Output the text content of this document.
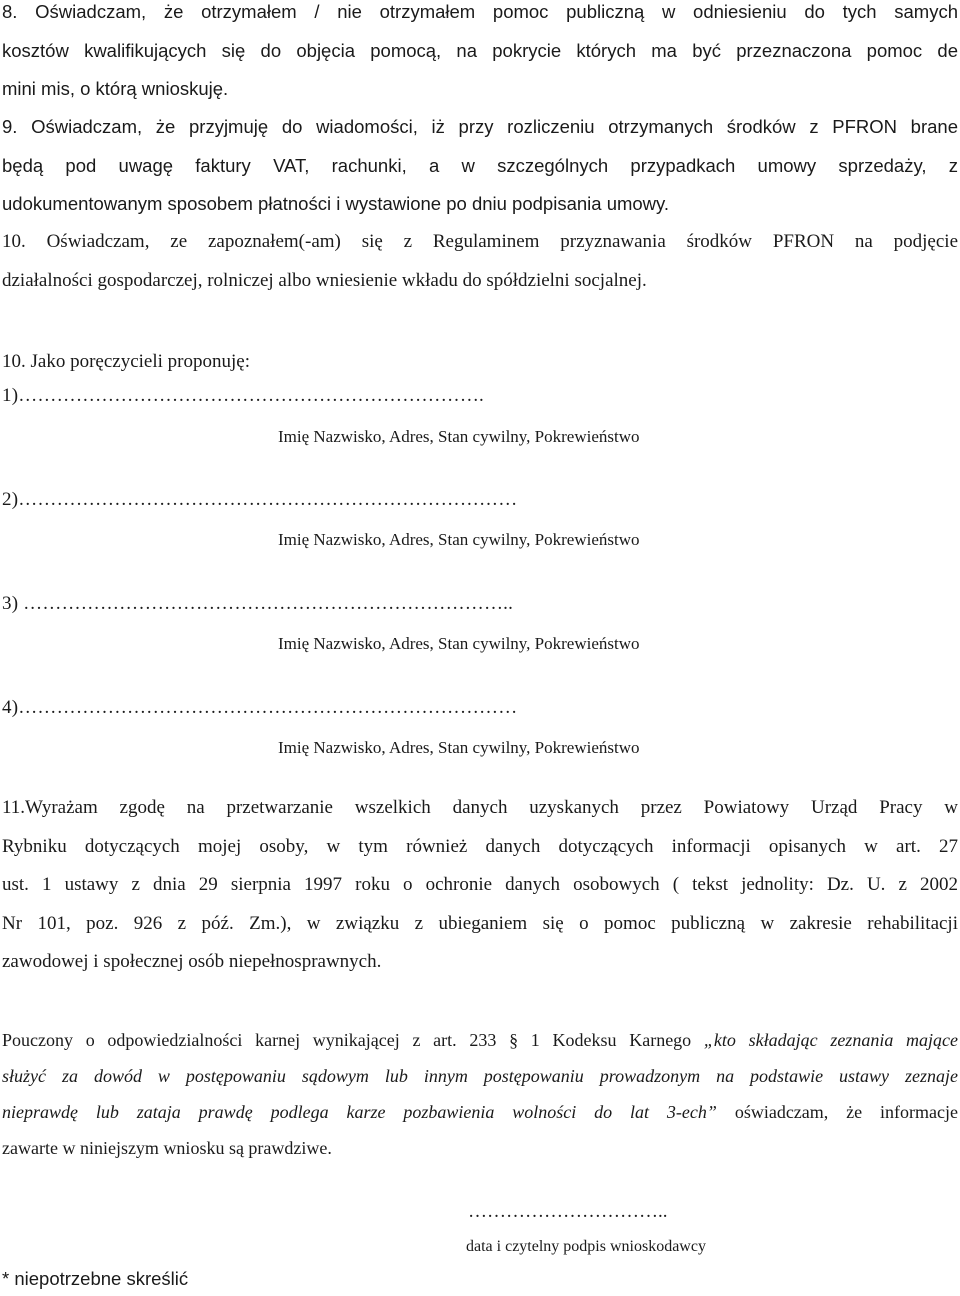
8. Oświadczam, że otrzymałem / nie otrzymałem pomoc publiczną w odniesieniu do tych samych
kosztów kwalifikujących się do objęcia pomocą, na pokrycie których ma być przeznaczona pomoc de
mini mis, o którą wnioskuję.
9. Oświadczam, że przyjmuję do wiadomości, iż przy rozliczeniu otrzymanych środków z PFRON brane
będą pod uwagę faktury VAT, rachunki, a w szczególnych przypadkach umowy sprzedaży, z
udokumentowanym sposobem płatności i wystawione po dniu podpisania umowy.
10. Oświadczam, ze zapoznałem(-am) się z Regulaminem przyznawania środków PFRON na podjęcie
działalności gospodarczej, rolniczej albo wniesienie wkładu do spółdzielni socjalnej.
10. Jako poręczycieli proponuję:
1)……………………………………………………………….
Imię Nazwisko, Adres, Stan cywilny, Pokrewieństwo
2)……………………………………………………………………
Imię Nazwisko, Adres, Stan cywilny, Pokrewieństwo
3) …………………………………………………………………..
Imię Nazwisko, Adres, Stan cywilny, Pokrewieństwo
4)……………………………………………………………………
Imię Nazwisko, Adres, Stan cywilny, Pokrewieństwo
11.Wyrażam zgodę na przetwarzanie wszelkich danych uzyskanych przez Powiatowy Urząd Pracy w
Rybniku dotyczących mojej osoby, w tym również danych dotyczących informacji opisanych w art. 27
ust. 1 ustawy z dnia 29 sierpnia 1997 roku o ochronie danych osobowych ( tekst jednolity: Dz. U. z 2002
Nr 101, poz. 926 z póź. Zm.), w związku z ubieganiem się o pomoc publiczną w zakresie rehabilitacji
zawodowej i społecznej osób niepełnosprawnych.
Pouczony o odpowiedzialności karnej wynikającej z art. 233 § 1 Kodeksu Karnego „kto składając zeznania mające
służyć za dowód w postępowaniu sądowym lub innym postępowaniu prowadzonym na podstawie ustawy zeznaje
nieprawdę lub zataja prawdę podlega karze pozbawienia wolności do lat 3-ech” oświadczam, że informacje
zawarte w niniejszym wniosku są prawdziwe.
…………………………..
data i czytelny podpis wnioskodawcy
* niepotrzebne skreślić
